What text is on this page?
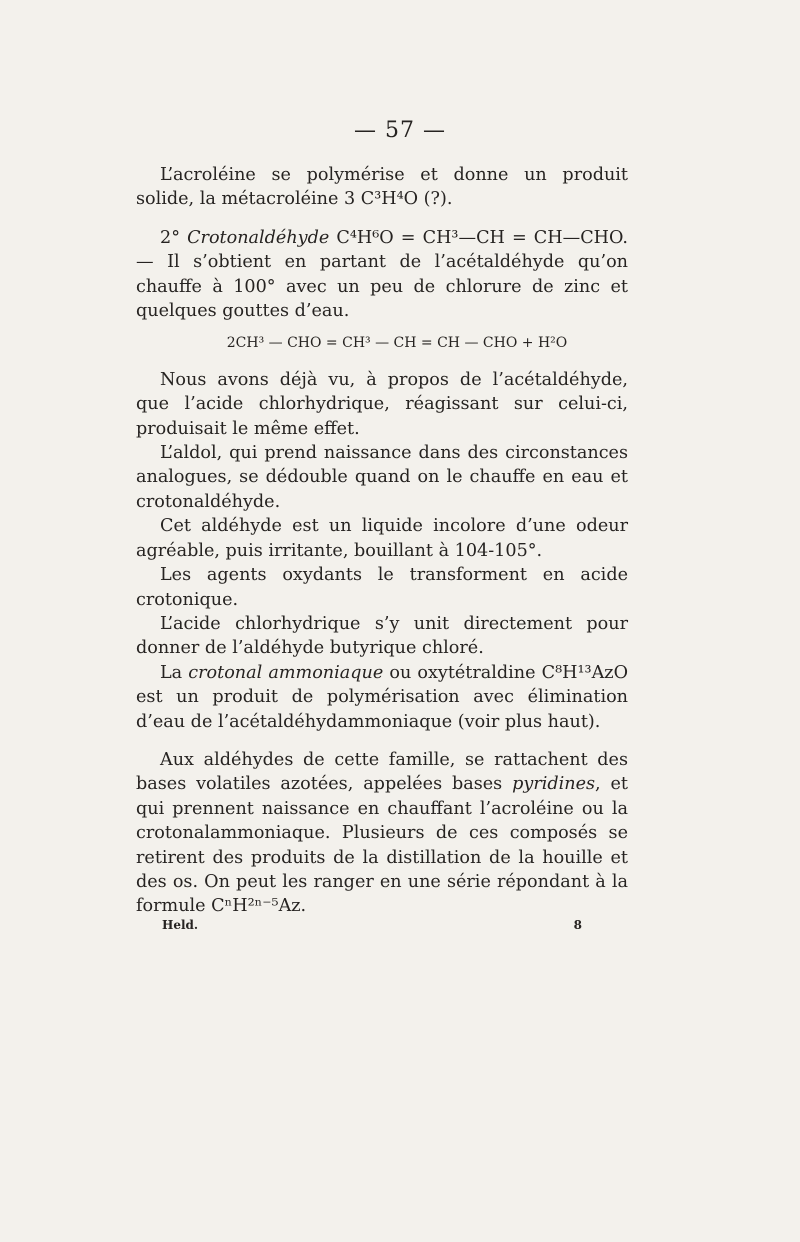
— 57 —

L’acroléine se polymérise et donne un produit solide, la métacroléine 3 C³H⁴O (?).

2° Crotonaldéhyde C⁴H⁶O = CH³—CH = CH—CHO. — Il s’obtient en partant de l’acétaldéhyde qu’on chauffe à 100° avec un peu de chlorure de zinc et quelques gouttes d’eau.

2CH³ — CHO = CH³ — CH = CH — CHO + H²O

Nous avons déjà vu, à propos de l’acétaldéhyde, que l’acide chlorhydrique, réagissant sur celui-ci, produisait le même effet.

L’aldol, qui prend naissance dans des circonstances analogues, se dédouble quand on le chauffe en eau et crotonaldéhyde.

Cet aldéhyde est un liquide incolore d’une odeur agréable, puis irritante, bouillant à 104-105°.

Les agents oxydants le transforment en acide crotonique.

L’acide chlorhydrique s’y unit directement pour donner de l’aldéhyde butyrique chloré.

La crotonal ammoniaque ou oxytétraldine C⁸H¹³AzO est un produit de polymérisation avec élimination d’eau de l’acétaldéhydammoniaque (voir plus haut).

Aux aldéhydes de cette famille, se rattachent des bases volatiles azotées, appelées bases pyridines, et qui prennent naissance en chauffant l’acroléine ou la crotonalammoniaque. Plusieurs de ces composés se retirent des produits de la distillation de la houille et des os. On peut les ranger en une série répondant à la formule CⁿH²ⁿ⁻⁵Az.

Held.	8
